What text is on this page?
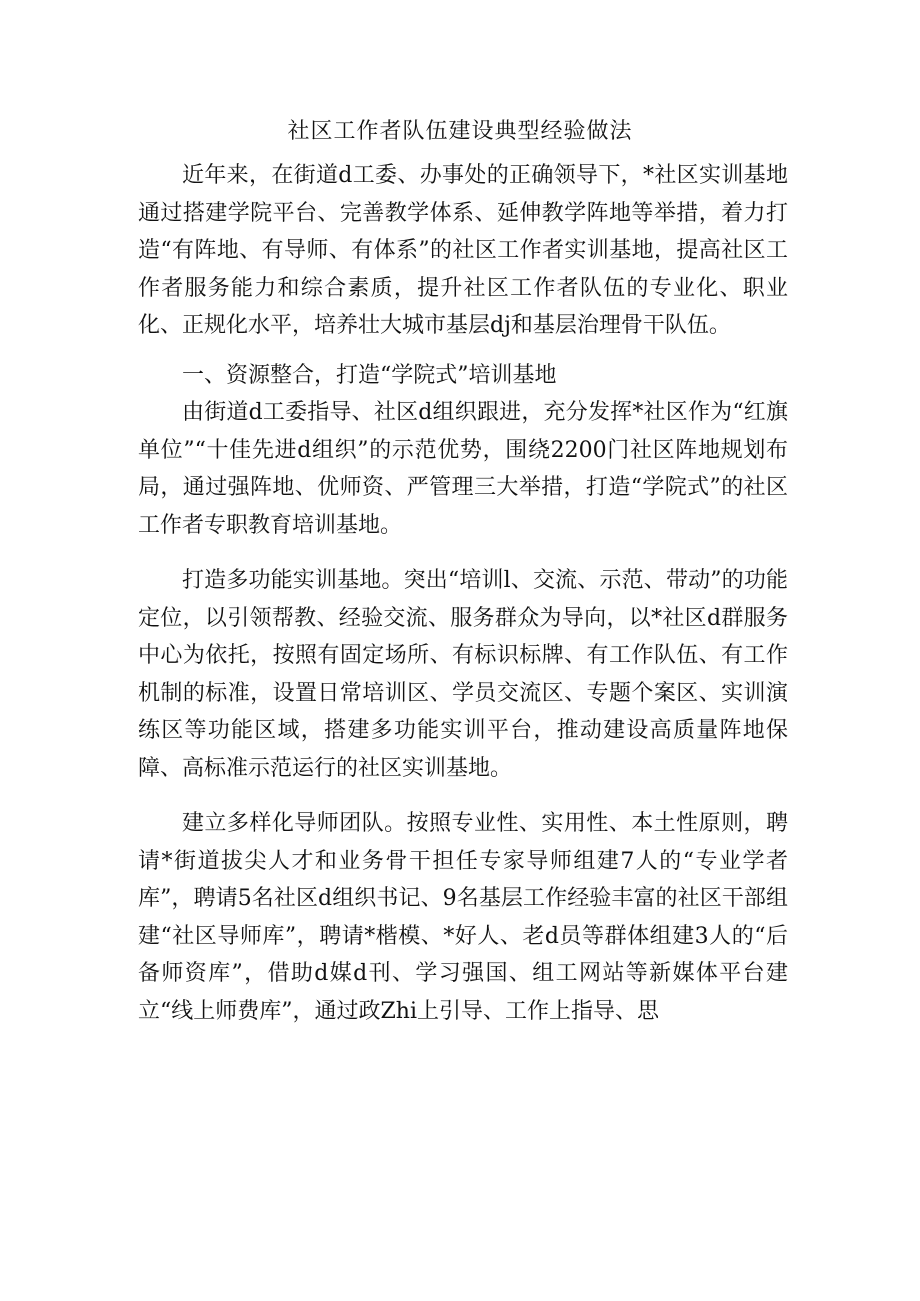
社区工作者队伍建设典型经验做法

近年来，在街道d工委、办事处的正确领导下，*社区实训基地通过搭建学院平台、完善教学体系、延伸教学阵地等举措，着力打造“有阵地、有导师、有体系”的社区工作者实训基地，提高社区工作者服务能力和综合素质，提升社区工作者队伍的专业化、职业化、正规化水平，培养壮大城市基层dj和基层治理骨干队伍。

一、资源整合，打造“学院式”培训基地

由街道d工委指导、社区d组织跟进，充分发挥*社区作为“红旗单位”“十佳先进d组织”的示范优势，围绕2200门社区阵地规划布局，通过强阵地、优师资、严管理三大举措，打造“学院式”的社区工作者专职教育培训基地。

打造多功能实训基地。突出“培训l、交流、示范、带动”的功能定位，以引领帮教、经验交流、服务群众为导向，以*社区d群服务中心为依托，按照有固定场所、有标识标牌、有工作队伍、有工作机制的标准，设置日常培训区、学员交流区、专题个案区、实训演练区等功能区域，搭建多功能实训平台，推动建设高质量阵地保障、高标准示范运行的社区实训基地。

建立多样化导师团队。按照专业性、实用性、本土性原则，聘请*街道拔尖人才和业务骨干担任专家导师组建7人的“专业学者库”，聘请5名社区d组织书记、9名基层工作经验丰富的社区干部组建“社区导师库”，聘请*楷模、*好人、老d员等群体组建3人的“后备师资库”，借助d媒d刊、学习强国、组工网站等新媒体平台建立“线上师费库”，通过政Zhi上引导、工作上指导、思
